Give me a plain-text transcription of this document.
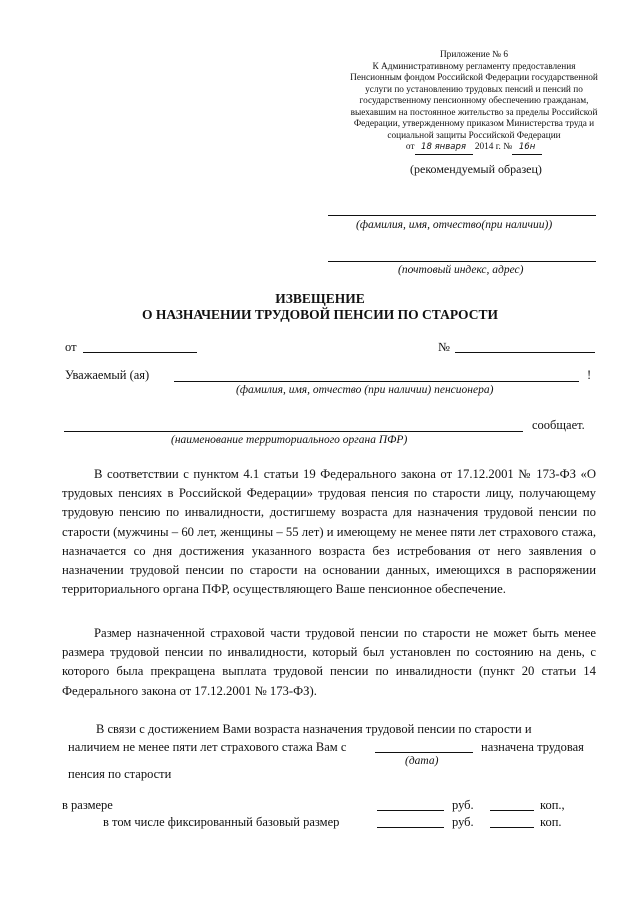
Приложение № 6
К Административному регламенту предоставления
Пенсионным фондом Российской Федерации государственной
услуги по установлению трудовых пенсий и пенсий по
государственному пенсионному обеспечению гражданам,
выехавшим на постоянное жительство за пределы Российской
Федерации, утвержденному приказом Министерства труда и
социальной защиты Российской Федерации
от 18 января 2014 г. № 16н
(рекомендуемый образец)
(фамилия, имя, отчество(при наличии))
(почтовый индекс, адрес)
ИЗВЕЩЕНИЕ
О НАЗНАЧЕНИИ ТРУДОВОЙ ПЕНСИИ ПО СТАРОСТИ
от	№
Уважаемый (ая)	!
(фамилия, имя, отчество (при наличии) пенсионера)
сообщает.
(наименование территориального органа ПФР)
В соответствии с пунктом 4.1 статьи 19 Федерального закона от 17.12.2001 № 173-ФЗ «О трудовых пенсиях в Российской Федерации» трудовая пенсия по старости лицу, получающему трудовую пенсию по инвалидности, достигшему возраста для назначения трудовой пенсии по старости (мужчины – 60 лет, женщины – 55 лет) и имеющему не менее пяти лет страхового стажа, назначается со дня достижения указанного возраста без истребования от него заявления о назначении трудовой пенсии по старости на основании данных, имеющихся в распоряжении территориального органа ПФР, осуществляющего Ваше пенсионное обеспечение.
Размер назначенной страховой части трудовой пенсии по старости не может быть менее размера трудовой пенсии по инвалидности, который был установлен по состоянию на день, с которого была прекращена выплата трудовой пенсии по инвалидности (пункт 20 статьи 14 Федерального закона от 17.12.2001 № 173-ФЗ).
В связи с достижением Вами возраста назначения трудовой пенсии по старости и
наличием не менее пяти лет страхового стажа Вам с	назначена трудовая
(дата)
пенсия по старости
в размере	руб.	коп.,
в том числе фиксированный базовый размер	руб.	коп.
